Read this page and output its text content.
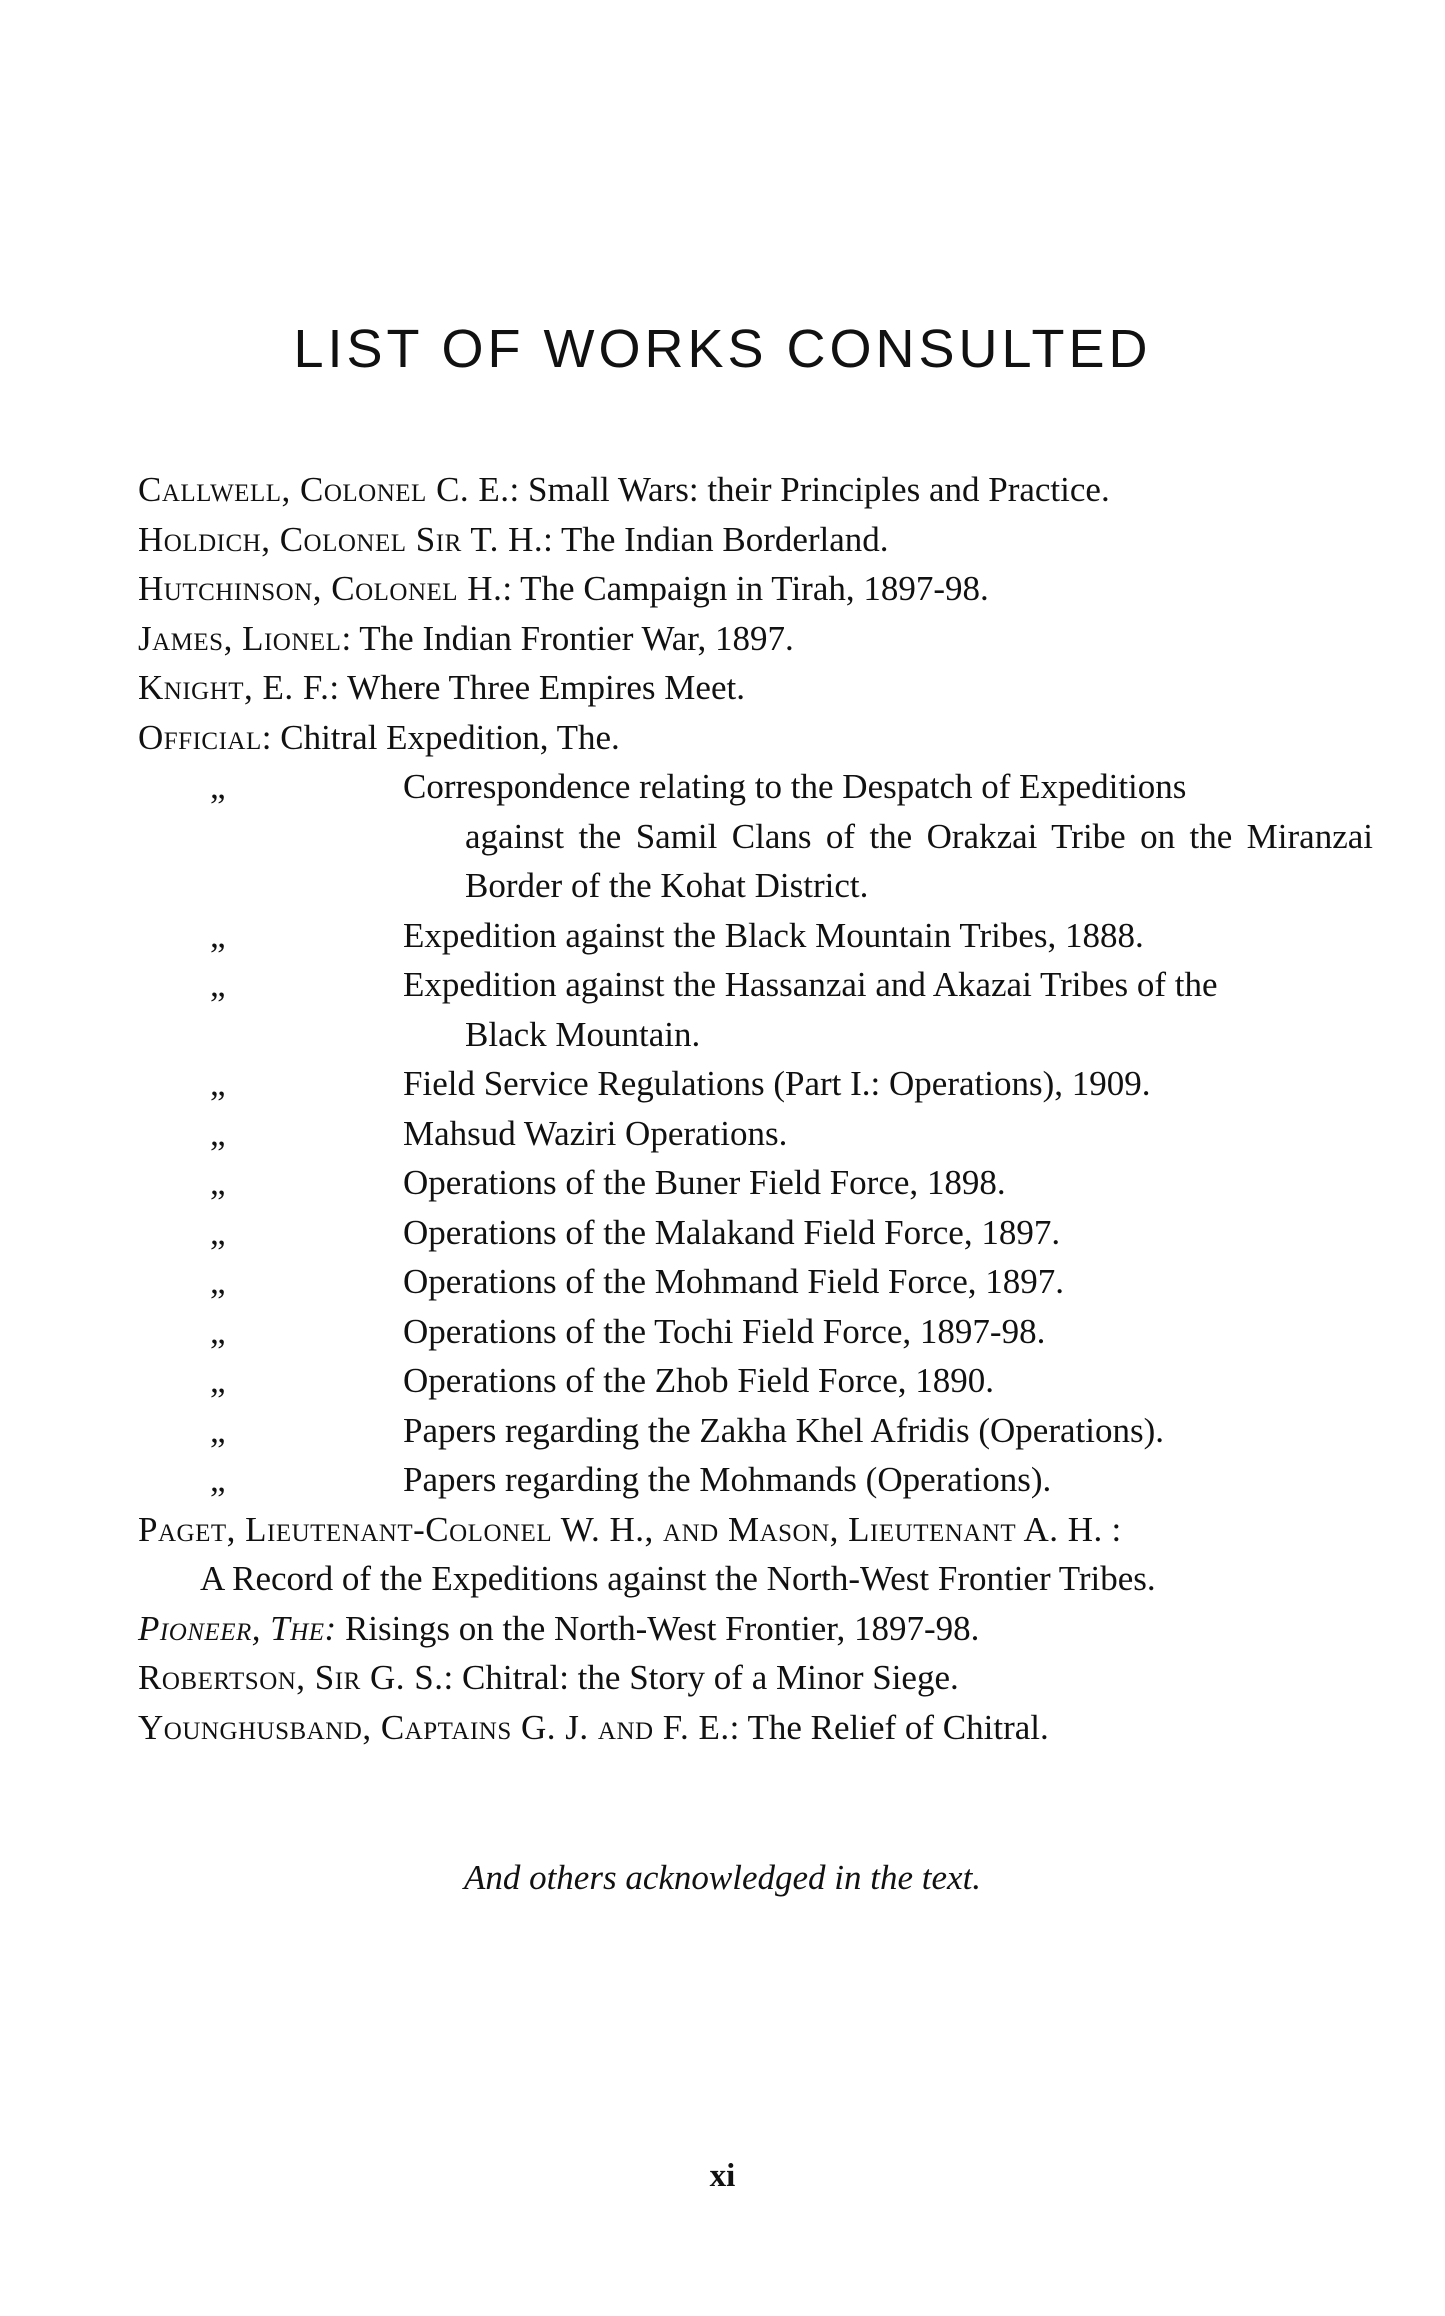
LIST OF WORKS CONSULTED
Callwell, Colonel C. E.: Small Wars: their Principles and Practice.
Holdich, Colonel Sir T. H.: The Indian Borderland.
Hutchinson, Colonel H.: The Campaign in Tirah, 1897-98.
James, Lionel: The Indian Frontier War, 1897.
Knight, E. F.: Where Three Empires Meet.
Official: Chitral Expedition, The.
„	Correspondence relating to the Despatch of Expeditions
against the Samil Clans of the Orakzai Tribe on the Miranzai Border of the Kohat District.
„	Expedition against the Black Mountain Tribes, 1888.
„	Expedition against the Hassanzai and Akazai Tribes of the
Black Mountain.
„	Field Service Regulations (Part I.: Operations), 1909.
„	Mahsud Waziri Operations.
„	Operations of the Buner Field Force, 1898.
„	Operations of the Malakand Field Force, 1897.
„	Operations of the Mohmand Field Force, 1897.
„	Operations of the Tochi Field Force, 1897-98.
„	Operations of the Zhob Field Force, 1890.
„	Papers regarding the Zakha Khel Afridis (Operations).
„	Papers regarding the Mohmands (Operations).
Paget, Lieutenant-Colonel W. H., and Mason, Lieutenant A. H. :
A Record of the Expeditions against the North-West Frontier Tribes.
Pioneer, The: Risings on the North-West Frontier, 1897-98.
Robertson, Sir G. S.: Chitral: the Story of a Minor Siege.
Younghusband, Captains G. J. and F. E.: The Relief of Chitral.
And others acknowledged in the text.
xi
